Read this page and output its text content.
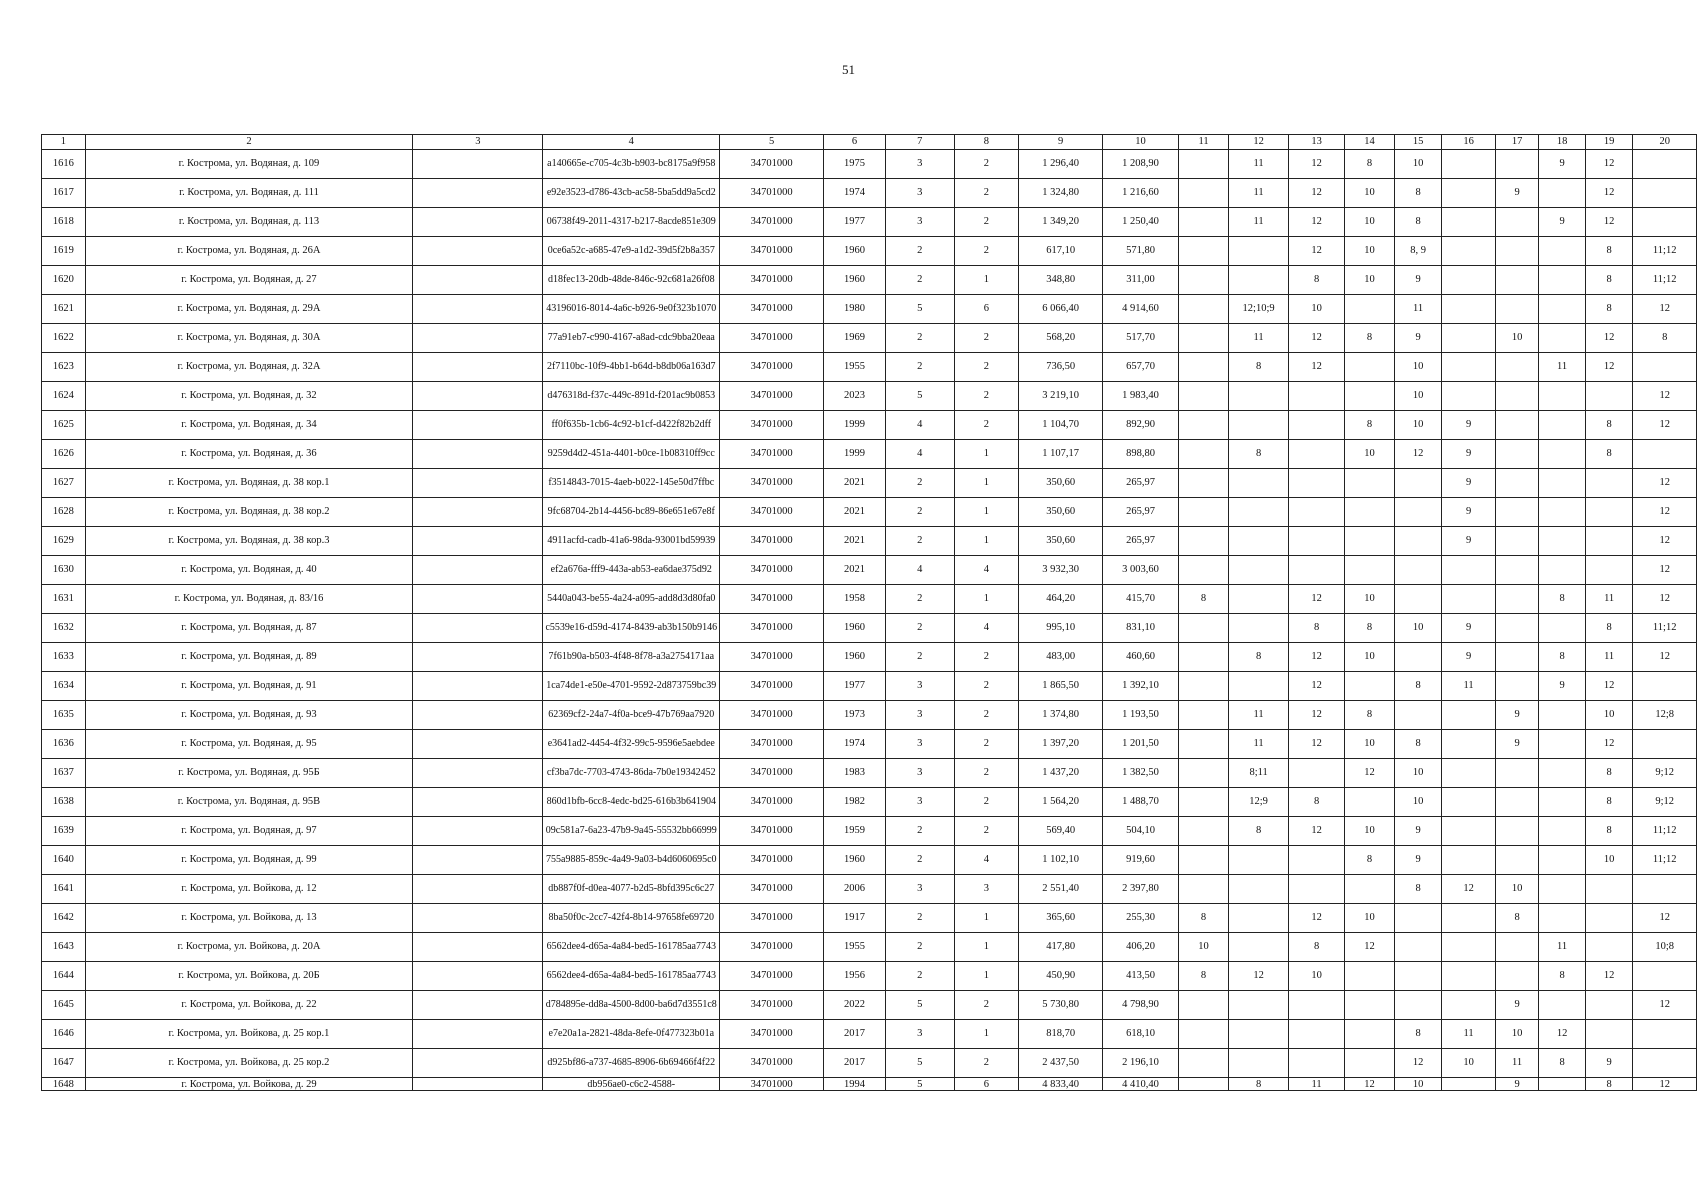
51
1	2	3	4	5	6	7	8	9	10	11	12	13	14	15	16	17	18	19	20
1616	г. Кострома, ул. Водяная, д. 109		a140665e-c705-4c3b-b903-bc8175a9f958	34701000	1975	3	2	1 296,40	1 208,90		11	12	8	10			9	12	
1617	г. Кострома, ул. Водяная, д. 111		e92e3523-d786-43cb-ac58-5ba5dd9a5cd2	34701000	1974	3	2	1 324,80	1 216,60		11	12	10	8		9		12	
1618	г. Кострома, ул. Водяная, д. 113		06738f49-2011-4317-b217-8acde851e309	34701000	1977	3	2	1 349,20	1 250,40		11	12	10	8			9	12	
1619	г. Кострома, ул. Водяная, д. 26А		0ce6a52c-a685-47e9-a1d2-39d5f2b8a357	34701000	1960	2	2	617,10	571,80			12	10	8, 9				8	11;12
1620	г. Кострома, ул. Водяная, д. 27		d18fec13-20db-48de-846c-92c681a26f08	34701000	1960	2	1	348,80	311,00			8	10	9				8	11;12
1621	г. Кострома, ул. Водяная, д. 29А		43196016-8014-4a6c-b926-9e0f323b1070	34701000	1980	5	6	6 066,40	4 914,60		12;10;9	10		11				8	12
1622	г. Кострома, ул. Водяная, д. 30А		77a91eb7-c990-4167-a8ad-cdc9bba20eaa	34701000	1969	2	2	568,20	517,70		11	12	8	9		10		12	8
1623	г. Кострома, ул. Водяная, д. 32А		2f7110bc-10f9-4bb1-b64d-b8db06a163d7	34701000	1955	2	2	736,50	657,70		8	12		10			11	12	
1624	г. Кострома, ул. Водяная, д. 32		d476318d-f37c-449c-891d-f201ac9b0853	34701000	2023	5	2	3 219,10	1 983,40					10					12
1625	г. Кострома, ул. Водяная, д. 34		ff0f635b-1cb6-4c92-b1cf-d422f82b2dff	34701000	1999	4	2	1 104,70	892,90				8	10	9			8	12
1626	г. Кострома, ул. Водяная, д. 36		9259d4d2-451a-4401-b0ce-1b08310ff9cc	34701000	1999	4	1	1 107,17	898,80		8		10	12	9			8	
1627	г. Кострома, ул. Водяная, д. 38 кор.1		f3514843-7015-4aeb-b022-145e50d7ffbc	34701000	2021	2	1	350,60	265,97						9				12
1628	г. Кострома, ул. Водяная, д. 38 кор.2		9fc68704-2b14-4456-bc89-86e651e67e8f	34701000	2021	2	1	350,60	265,97						9				12
1629	г. Кострома, ул. Водяная, д. 38 кор.3		4911acfd-cadb-41a6-98da-93001bd59939	34701000	2021	2	1	350,60	265,97						9				12
1630	г. Кострома, ул. Водяная, д. 40		ef2a676a-fff9-443a-ab53-ea6dae375d92	34701000	2021	4	4	3 932,30	3 003,60										12
1631	г. Кострома, ул. Водяная, д. 83/16		5440a043-be55-4a24-a095-add8d3d80fa0	34701000	1958	2	1	464,20	415,70	8		12	10				8	11	12
1632	г. Кострома, ул. Водяная, д. 87		c5539e16-d59d-4174-8439-ab3b150b9146	34701000	1960	2	4	995,10	831,10			8	8	10	9			8	11;12
1633	г. Кострома, ул. Водяная, д. 89		7f61b90a-b503-4f48-8f78-a3a2754171aa	34701000	1960	2	2	483,00	460,60		8	12	10		9		8	11	12
1634	г. Кострома, ул. Водяная, д. 91		1ca74de1-e50e-4701-9592-2d873759bc39	34701000	1977	3	2	1 865,50	1 392,10			12		8	11		9	12	
1635	г. Кострома, ул. Водяная, д. 93		62369cf2-24a7-4f0a-bce9-47b769aa7920	34701000	1973	3	2	1 374,80	1 193,50		11	12	8			9		10	12;8
1636	г. Кострома, ул. Водяная, д. 95		e3641ad2-4454-4f32-99c5-9596e5aebdee	34701000	1974	3	2	1 397,20	1 201,50		11	12	10	8		9		12	
1637	г. Кострома, ул. Водяная, д. 95Б		cf3ba7dc-7703-4743-86da-7b0e19342452	34701000	1983	3	2	1 437,20	1 382,50		8;11		12	10				8	9;12
1638	г. Кострома, ул. Водяная, д. 95В		860d1bfb-6cc8-4edc-bd25-616b3b641904	34701000	1982	3	2	1 564,20	1 488,70		12;9	8		10				8	9;12
1639	г. Кострома, ул. Водяная, д. 97		09c581a7-6a23-47b9-9a45-55532bb66999	34701000	1959	2	2	569,40	504,10		8	12	10	9				8	11;12
1640	г. Кострома, ул. Водяная, д. 99		755a9885-859c-4a49-9a03-b4d6060695c0	34701000	1960	2	4	1 102,10	919,60				8	9				10	11;12
1641	г. Кострома, ул. Войкова, д. 12		db887f0f-d0ea-4077-b2d5-8bfd395c6c27	34701000	2006	3	3	2 551,40	2 397,80					8	12	10			
1642	г. Кострома, ул. Войкова, д. 13		8ba50f0c-2cc7-42f4-8b14-97658fe69720	34701000	1917	2	1	365,60	255,30	8		12	10			8			12
1643	г. Кострома, ул. Войкова, д. 20А		6562dee4-d65a-4a84-bed5-161785aa7743	34701000	1955	2	1	417,80	406,20	10		8	12				11		10;8
1644	г. Кострома, ул. Войкова, д. 20Б		6562dee4-d65a-4a84-bed5-161785aa7743	34701000	1956	2	1	450,90	413,50	8	12	10					8	12	
1645	г. Кострома, ул. Войкова, д. 22		d784895e-dd8a-4500-8d00-ba6d7d3551c8	34701000	2022	5	2	5 730,80	4 798,90							9			12
1646	г. Кострома, ул. Войкова, д. 25 кор.1		e7e20a1a-2821-48da-8efe-0f477323b01a	34701000	2017	3	1	818,70	618,10					8	11	10	12		
1647	г. Кострома, ул. Войкова, д. 25 кор.2		d925bf86-a737-4685-8906-6b69466f4f22	34701000	2017	5	2	2 437,50	2 196,10					12	10	11	8	9	
1648	г. Кострома, ул. Войкова, д. 29		db956ae0-c6c2-4588-	34701000	1994	5	6	4 833,40	4 410,40		8	11	12	10		9		8	12
